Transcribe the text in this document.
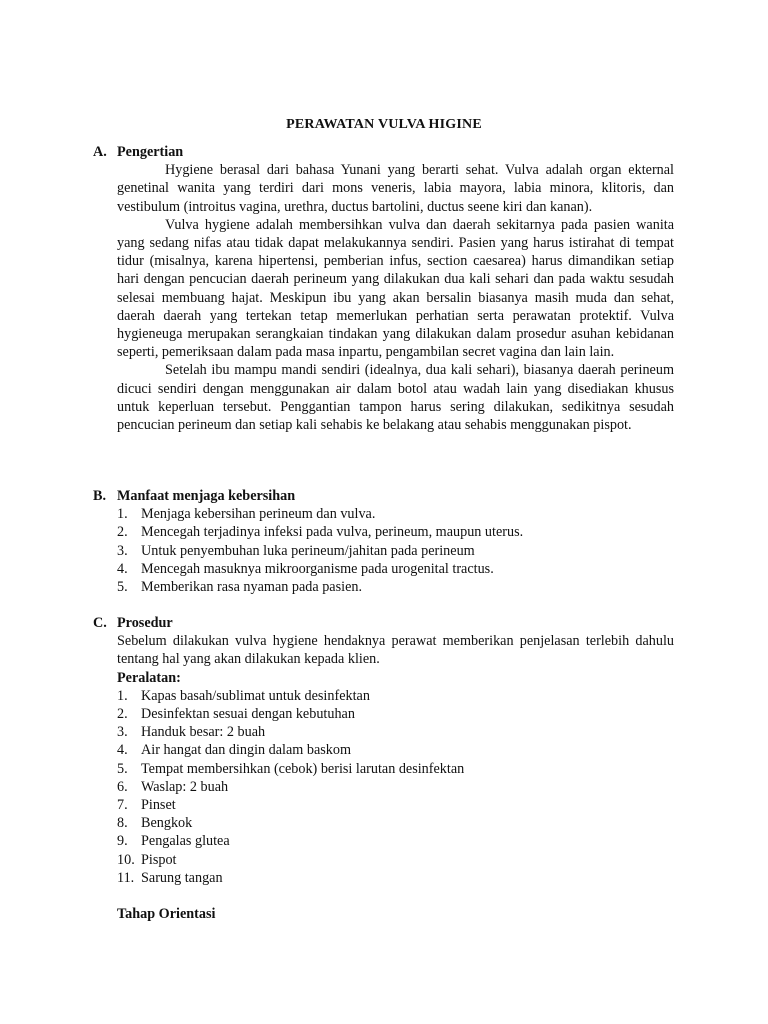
PERAWATAN VULVA HIGINE
A. Pengertian

Hygiene berasal dari bahasa Yunani yang berarti sehat. Vulva adalah organ ekternal genetinal wanita yang terdiri dari mons veneris, labia mayora, labia minora, klitoris, dan vestibulum (introitus vagina, urethra, ductus bartolini, ductus seene kiri dan kanan).

Vulva hygiene adalah membersihkan vulva dan daerah sekitarnya pada pasien wanita yang sedang nifas atau tidak dapat melakukannya sendiri. Pasien yang harus istirahat di tempat tidur (misalnya, karena hipertensi, pemberian infus, section caesarea) harus dimandikan setiap hari dengan pencucian daerah perineum yang dilakukan dua kali sehari dan pada waktu sesudah selesai membuang hajat. Meskipun ibu yang akan bersalin biasanya masih muda dan sehat, daerah daerah yang tertekan tetap memerlukan perhatian serta perawatan protektif. Vulva hygieneuga merupakan serangkaian tindakan yang dilakukan dalam prosedur asuhan kebidanan seperti, pemeriksaan dalam pada masa inpartu, pengambilan secret vagina dan lain lain.

Setelah ibu mampu mandi sendiri (idealnya, dua kali sehari), biasanya daerah perineum dicuci sendiri dengan menggunakan air dalam botol atau wadah lain yang disediakan khusus untuk keperluan tersebut. Penggantian tampon harus sering dilakukan, sedikitnya sesudah pencucian perineum dan setiap kali sehabis ke belakang atau sehabis menggunakan pispot.

B. Manfaat menjaga kebersihan
1. Menjaga kebersihan perineum dan vulva.
2. Mencegah terjadinya infeksi pada vulva, perineum, maupun uterus.
3. Untuk penyembuhan luka perineum/jahitan pada perineum
4. Mencegah masuknya mikroorganisme pada urogenital tractus.
5. Memberikan rasa nyaman pada pasien.
C. Prosedur

Sebelum dilakukan vulva hygiene hendaknya perawat memberikan penjelasan terlebih dahulu tentang hal yang akan dilakukan kepada klien.

Peralatan:
1. Kapas basah/sublimat untuk desinfektan
2. Desinfektan sesuai dengan kebutuhan
3. Handuk besar: 2 buah
4. Air hangat dan dingin dalam baskom
5. Tempat membersihkan (cebok) berisi larutan desinfektan
6. Waslap: 2 buah
7. Pinset
8. Bengkok
9. Pengalas glutea
10. Pispot
11. Sarung tangan
Tahap Orientasi
